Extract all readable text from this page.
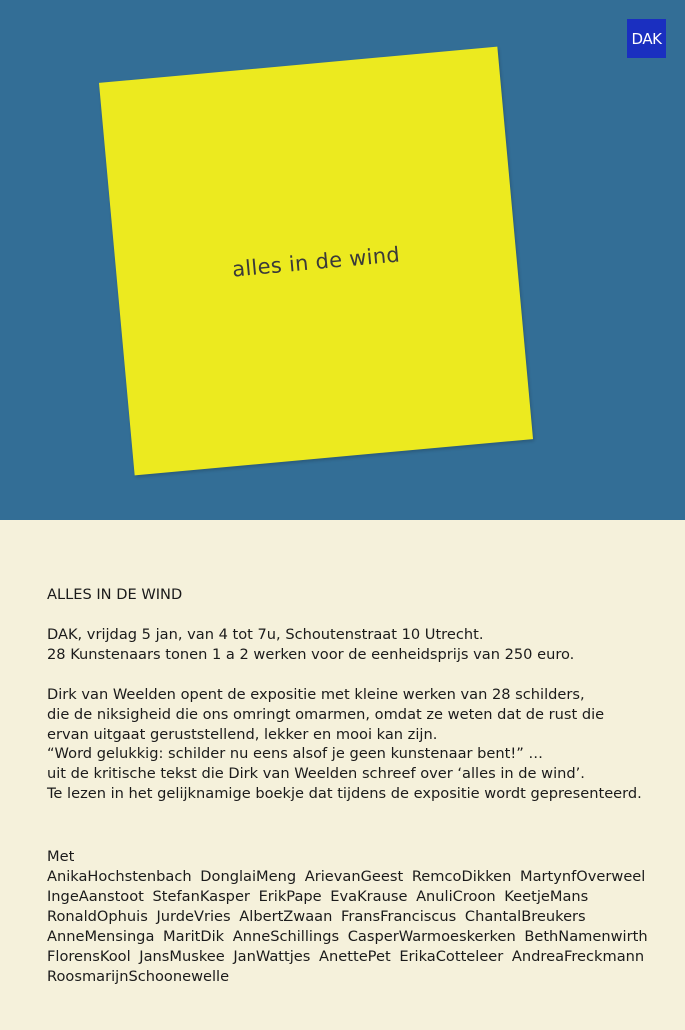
DAK
alles in de wind
ALLES IN DE WIND
DAK, vrijdag 5 jan, van 4 tot 7u, Schoutenstraat 10 Utrecht.
28 Kunstenaars tonen 1 a 2 werken voor de eenheidsprijs van 250 euro.
Dirk van Weelden opent de expositie met kleine werken van 28 schilders,
die de niksigheid die ons omringt omarmen, omdat ze weten dat de rust die
ervan uitgaat geruststellend, lekker en mooi kan zijn.
“Word gelukkig: schilder nu eens alsof je geen kunstenaar bent!” …
uit de kritische tekst die Dirk van Weelden schreef over ‘alles in de wind’.
Te lezen in het gelijknamige boekje dat tijdens de expositie wordt gepresenteerd.
Met
AnikaHochstenbach DonglaiMeng ArievanGeest RemcoDikken MartynfOverweel
IngeAanstoot StefanKasper ErikPape EvaKrause AnuliCroon KeetjeMans
RonaldOphuis JurdeVries AlbertZwaan FransFranciscus ChantalBreukers
AnneMensinga MaritDik AnneSchillings CasperWarmoeskerken BethNamenwirth
FlorensKool JansMuskee JanWattjes AnettePet ErikaCotteleer AndreaFreckmann
RoosmarijnSchoonewelle
